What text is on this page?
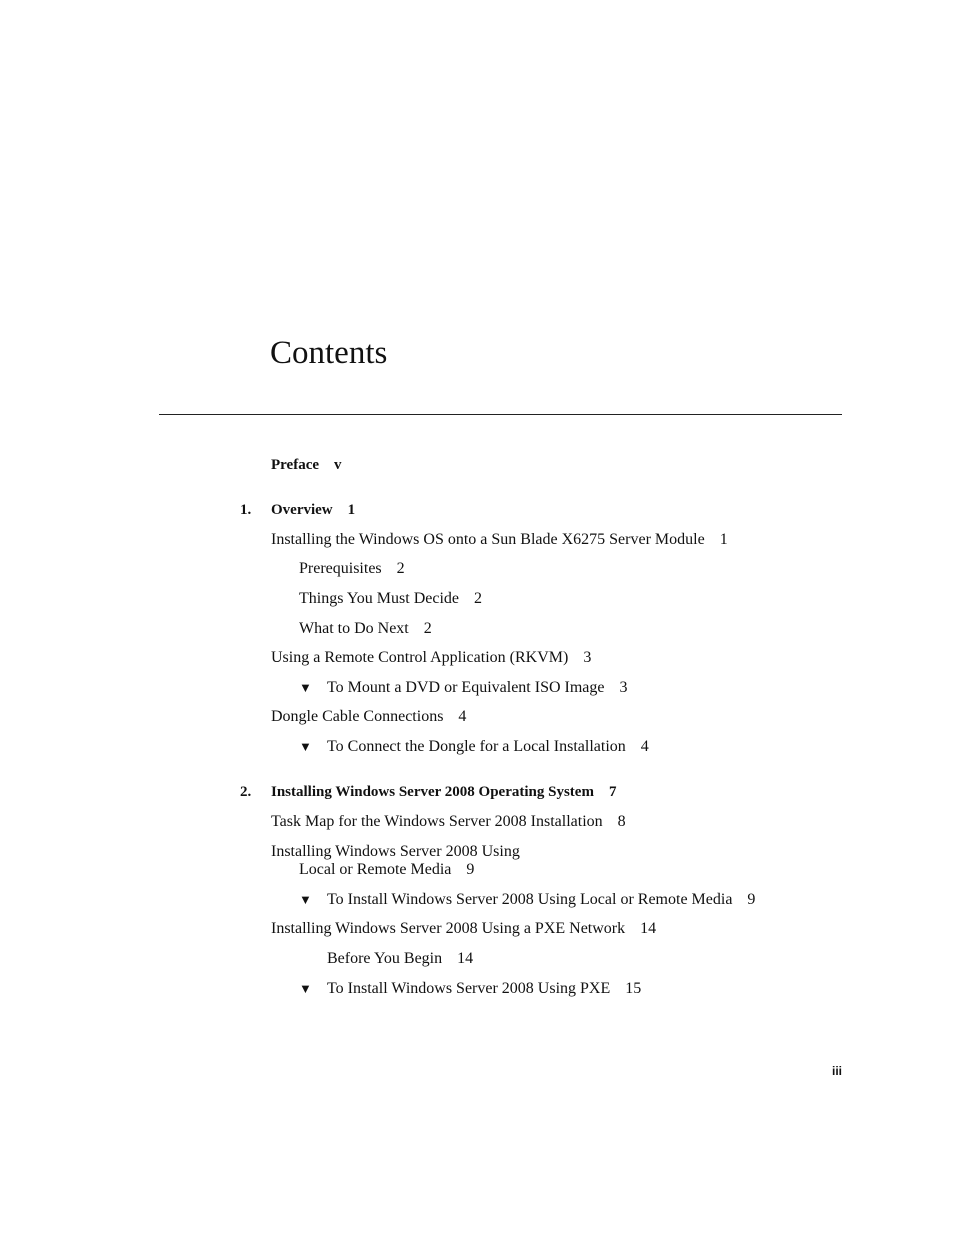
Contents
Preface v
1. Overview 1
Installing the Windows OS onto a Sun Blade X6275 Server Module 1
Prerequisites 2
Things You Must Decide 2
What to Do Next 2
Using a Remote Control Application (RKVM) 3
▼ To Mount a DVD or Equivalent ISO Image 3
Dongle Cable Connections 4
▼ To Connect the Dongle for a Local Installation 4
2. Installing Windows Server 2008 Operating System 7
Task Map for the Windows Server 2008 Installation 8
Installing Windows Server 2008 Using
Local or Remote Media 9
▼ To Install Windows Server 2008 Using Local or Remote Media 9
Installing Windows Server 2008 Using a PXE Network 14
Before You Begin 14
▼ To Install Windows Server 2008 Using PXE 15
iii
